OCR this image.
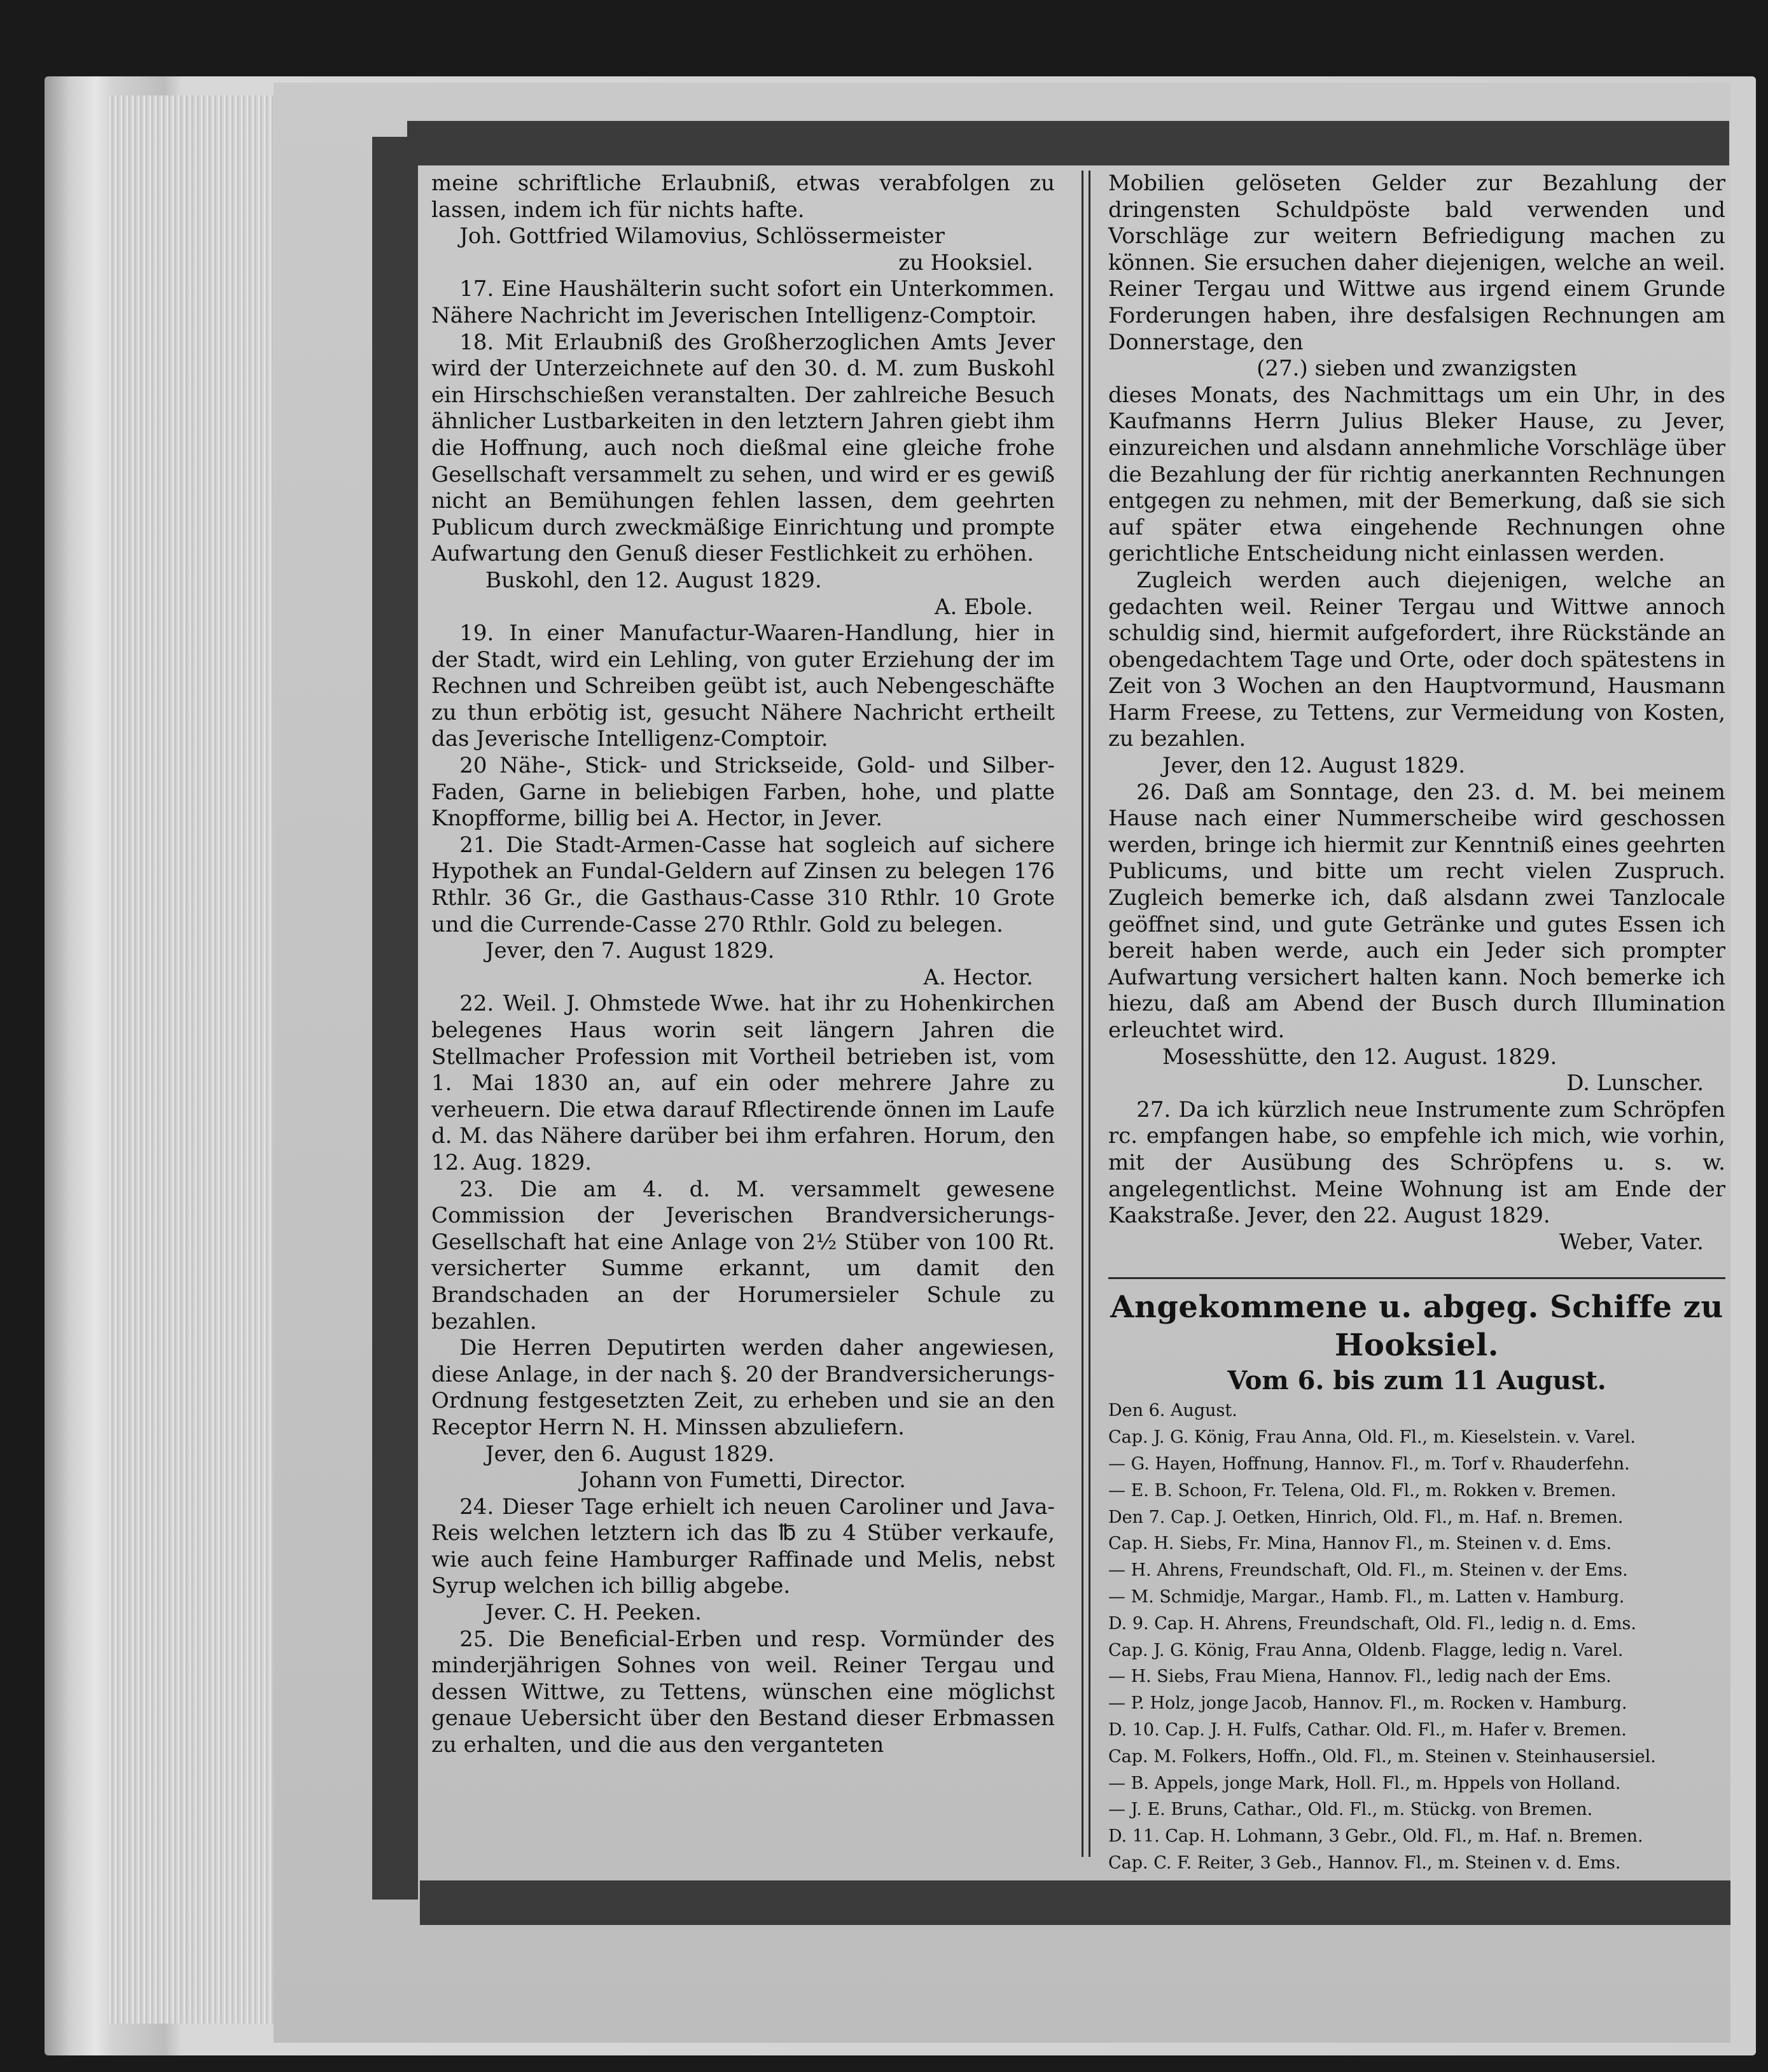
meine schriftliche Erlaubniß, etwas verabfolgen zu lassen, indem ich für nichts hafte.

Joh. Gottfried Wilamovius, Schlössermeister

zu Hooksiel.

17. Eine Haushälterin sucht sofort ein Unterkommen. Nähere Nachricht im Jeverischen Intelligenz-Comptoir.

18. Mit Erlaubniß des Großherzoglichen Amts Jever wird der Unterzeichnete auf den 30. d. M. zum Buskohl ein Hirschschießen veranstalten. Der zahlreiche Besuch ähnlicher Lustbarkeiten in den letztern Jahren giebt ihm die Hoffnung, auch noch dießmal eine gleiche frohe Gesellschaft versammelt zu sehen, und wird er es gewiß nicht an Bemühungen fehlen lassen, dem geehrten Publicum durch zweckmäßige Einrichtung und prompte Aufwartung den Genuß dieser Festlichkeit zu erhöhen.

Buskohl, den 12. August 1829.

A. Ebole.

19. In einer Manufactur-Waaren-Handlung, hier in der Stadt, wird ein Lehling, von guter Erziehung der im Rechnen und Schreiben geübt ist, auch Nebengeschäfte zu thun erbötig ist, gesucht Nähere Nachricht ertheilt das Jeverische Intelligenz-Comptoir.

20 Nähe-, Stick- und Strickseide, Gold- und Silber-Faden, Garne in beliebigen Farben, hohe, und platte Knopfforme, billig bei A. Hector, in Jever.

21. Die Stadt-Armen-Casse hat sogleich auf sichere Hypothek an Fundal-Geldern auf Zinsen zu belegen 176 Rthlr. 36 Gr., die Gasthaus-Casse 310 Rthlr. 10 Grote und die Currende-Casse 270 Rthlr. Gold zu belegen.

Jever, den 7. August 1829.

A. Hector.

22. Weil. J. Ohmstede Wwe. hat ihr zu Hohenkirchen belegenes Haus worin seit längern Jahren die Stellmacher Profession mit Vortheil betrieben ist, vom 1. Mai 1830 an, auf ein oder mehrere Jahre zu verheuern. Die etwa darauf Rflectirende önnen im Laufe d. M. das Nähere darüber bei ihm erfahren. Horum, den 12. Aug. 1829.

23. Die am 4. d. M. versammelt gewesene Commission der Jeverischen Brandversicherungs-Gesellschaft hat eine Anlage von 2½ Stüber von 100 Rt. versicherter Summe erkannt, um damit den Brandschaden an der Horumersieler Schule zu bezahlen.

Die Herren Deputirten werden daher angewiesen, diese Anlage, in der nach §. 20 der Brandversicherungs-Ordnung festgesetzten Zeit, zu erheben und sie an den Receptor Herrn N. H. Minssen abzuliefern.

Jever, den 6. August 1829.

Johann von Fumetti, Director.

24. Dieser Tage erhielt ich neuen Caroliner und Java-Reis welchen letztern ich das ℔ zu 4 Stüber verkaufe, wie auch feine Hamburger Raffinade und Melis, nebst Syrup welchen ich billig abgebe.

Jever. C. H. Peeken.

25. Die Beneficial-Erben und resp. Vormünder des minderjährigen Sohnes von weil. Reiner Tergau und dessen Wittwe, zu Tettens, wünschen eine möglichst genaue Uebersicht über den Bestand dieser Erbmassen zu erhalten, und die aus den verganteten

Mobilien gelöseten Gelder zur Bezahlung der dringensten Schuldpöste bald verwenden und Vorschläge zur weitern Befriedigung machen zu können. Sie ersuchen daher diejenigen, welche an weil. Reiner Tergau und Wittwe aus irgend einem Grunde Forderungen haben, ihre desfalsigen Rechnungen am Donnerstage, den

(27.) sieben und zwanzigsten

dieses Monats, des Nachmittags um ein Uhr, in des Kaufmanns Herrn Julius Bleker Hause, zu Jever, einzureichen und alsdann annehmliche Vorschläge über die Bezahlung der für richtig anerkannten Rechnungen entgegen zu nehmen, mit der Bemerkung, daß sie sich auf später etwa eingehende Rechnungen ohne gerichtliche Entscheidung nicht einlassen werden.

Zugleich werden auch diejenigen, welche an gedachten weil. Reiner Tergau und Wittwe annoch schuldig sind, hiermit aufgefordert, ihre Rückstände an obengedachtem Tage und Orte, oder doch spätestens in Zeit von 3 Wochen an den Hauptvormund, Hausmann Harm Freese, zu Tettens, zur Vermeidung von Kosten, zu bezahlen.

Jever, den 12. August 1829.

26. Daß am Sonntage, den 23. d. M. bei meinem Hause nach einer Nummerscheibe wird geschossen werden, bringe ich hiermit zur Kenntniß eines geehrten Publicums, und bitte um recht vielen Zuspruch. Zugleich bemerke ich, daß alsdann zwei Tanzlocale geöffnet sind, und gute Getränke und gutes Essen ich bereit haben werde, auch ein Jeder sich prompter Aufwartung versichert halten kann. Noch bemerke ich hiezu, daß am Abend der Busch durch Illumination erleuchtet wird.

Mosesshütte, den 12. August. 1829.

D. Lunscher.

27. Da ich kürzlich neue Instrumente zum Schröpfen rc. empfangen habe, so empfehle ich mich, wie vorhin, mit der Ausübung des Schröpfens u. s. w. angelegentlichst. Meine Wohnung ist am Ende der Kaakstraße. Jever, den 22. August 1829.

Weber, Vater.

Angekommene u. abgeg. Schiffe zu Hooksiel.

Vom 6. bis zum 11 August.

Den 6. August.

Cap. J. G. König, Frau Anna, Old. Fl., m. Kieselstein. v. Varel.

— G. Hayen, Hoffnung, Hannov. Fl., m. Torf v. Rhauderfehn.

— E. B. Schoon, Fr. Telena, Old. Fl., m. Rokken v. Bremen.

Den 7. Cap. J. Oetken, Hinrich, Old. Fl., m. Haf. n. Bremen.

Cap. H. Siebs, Fr. Mina, Hannov Fl., m. Steinen v. d. Ems.

— H. Ahrens, Freundschaft, Old. Fl., m. Steinen v. der Ems.

— M. Schmidje, Margar., Hamb. Fl., m. Latten v. Hamburg.

D. 9. Cap. H. Ahrens, Freundschaft, Old. Fl., ledig n. d. Ems.

Cap. J. G. König, Frau Anna, Oldenb. Flagge, ledig n. Varel.

— H. Siebs, Frau Miena, Hannov. Fl., ledig nach der Ems.

— P. Holz, jonge Jacob, Hannov. Fl., m. Rocken v. Hamburg.

D. 10. Cap. J. H. Fulfs, Cathar. Old. Fl., m. Hafer v. Bremen.

Cap. M. Folkers, Hoffn., Old. Fl., m. Steinen v. Steinhausersiel.

— B. Appels, jonge Mark, Holl. Fl., m. Hppels von Holland.

— J. E. Bruns, Cathar., Old. Fl., m. Stückg. von Bremen.

D. 11. Cap. H. Lohmann, 3 Gebr., Old. Fl., m. Haf. n. Bremen.

Cap. C. F. Reiter, 3 Geb., Hannov. Fl., m. Steinen v. d. Ems.
